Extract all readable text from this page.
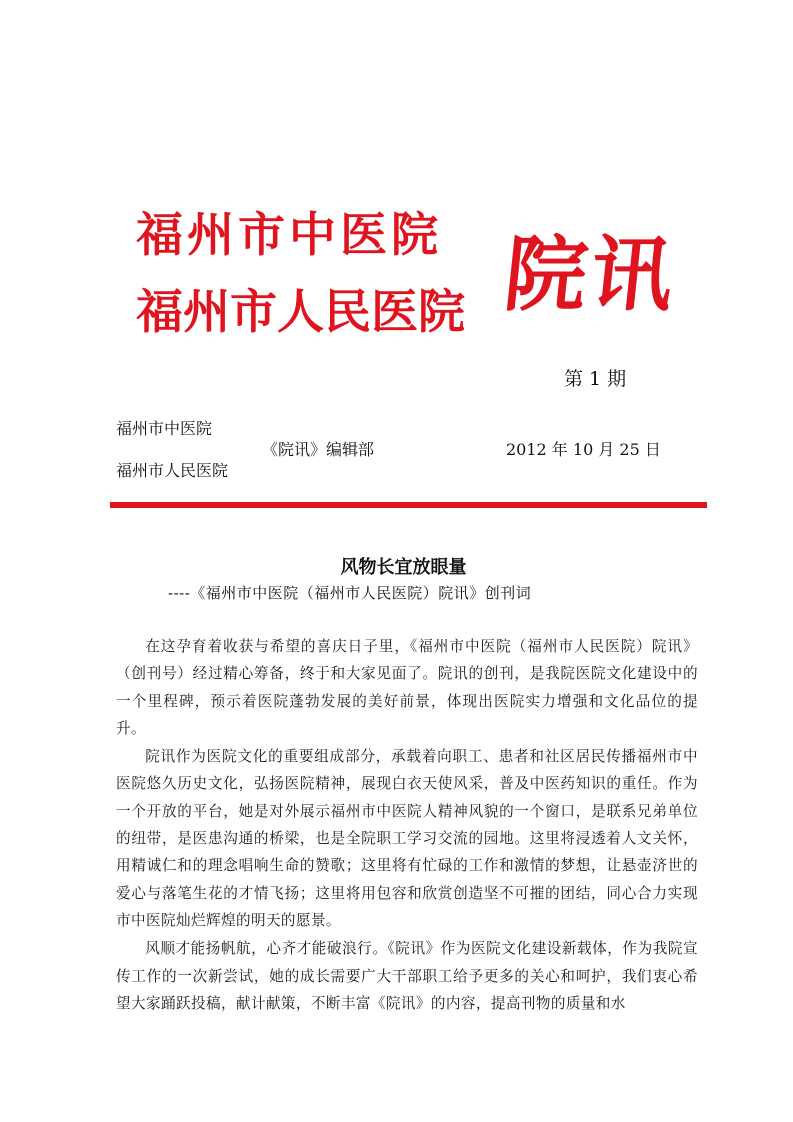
福州市中医院
福州市人民医院 院讯
第 1 期
福州市中医院
福州市人民医院
《院讯》编辑部	2012 年 10 月 25 日
风物长宜放眼量
----《福州市中医院（福州市人民医院）院讯》创刊词

在这孕育着收获与希望的喜庆日子里，《福州市中医院（福州市人民医院）院讯》（创刊号）经过精心筹备，终于和大家见面了。院讯的创刊，是我院医院文化建设中的一个里程碑，预示着医院蓬勃发展的美好前景，体现出医院实力增强和文化品位的提升。

院讯作为医院文化的重要组成部分，承载着向职工、患者和社区居民传播福州市中医院悠久历史文化，弘扬医院精神，展现白衣天使风采，普及中医药知识的重任。作为一个开放的平台，她是对外展示福州市中医院人精神风貌的一个窗口，是联系兄弟单位的纽带，是医患沟通的桥梁，也是全院职工学习交流的园地。这里将浸透着人文关怀，用精诚仁和的理念唱响生命的赞歌；这里将有忙碌的工作和激情的梦想，让悬壶济世的爱心与落笔生花的才情飞扬；这里将用包容和欣赏创造坚不可摧的团结，同心合力实现市中医院灿烂辉煌的明天的愿景。

风顺才能扬帆航，心齐才能破浪行。《院讯》作为医院文化建设新载体，作为我院宣传工作的一次新尝试，她的成长需要广大干部职工给予更多的关心和呵护，我们衷心希望大家踊跃投稿，献计献策，不断丰富《院讯》的内容，提高刊物的质量和水
